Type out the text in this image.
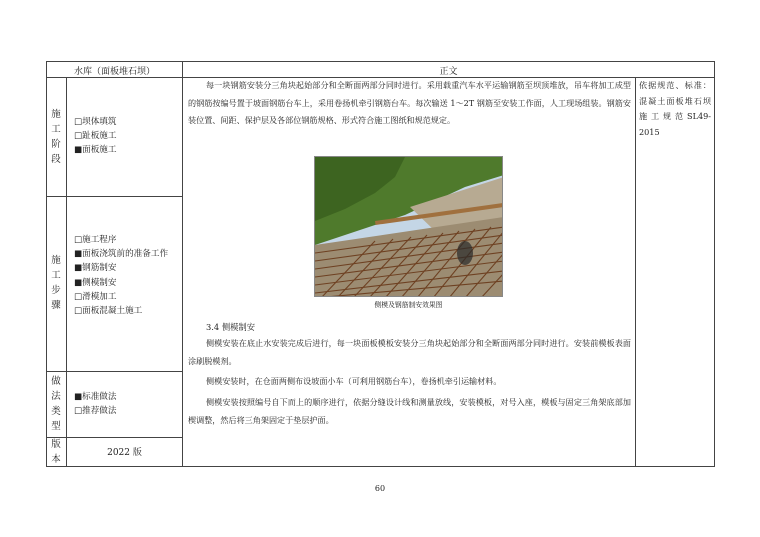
水库（面板堆石坝）	正文
施工阶段
□坝体填筑
□趾板施工
■面板施工
施工步骤
□施工程序
■面板浇筑前的准备工作
■钢筋制安
■侧模制安
□滑模加工
□面板混凝土施工
做法类型
■标准做法
□推荐做法
版本
2022 版
每一块钢筋安装分三角块起始部分和全断面两部分同时进行。采用载重汽车水平运输钢筋至坝顶堆放，吊车将加工成型的钢筋按编号置于坡面钢筋台车上，采用卷扬机牵引钢筋台车。每次输送 1～2T 钢筋至安装工作面，人工现场组装。钢筋安装位置、间距、保护层及各部位钢筋规格、形式符合施工图纸和规范规定。
侧模及钢筋制安效果图
3.4 侧模制安
侧模安装在底止水安装完成后进行，每一块面板模板安装分三角块起始部分和全断面两部分同时进行。安装前模板表面涂刷脱模剂。
侧模安装时，在仓面两侧布设坡面小车（可利用钢筋台车），卷扬机牵引运输材料。
侧模安装按照编号自下而上的顺序进行，依据分缝设计线和测量放线，安装模板，对号入座，模板与固定三角架底部加楔调整，然后将三角架固定于垫层护面。
依据规范、标准：混凝土面板堆石坝施工规范SL49-2015
60
